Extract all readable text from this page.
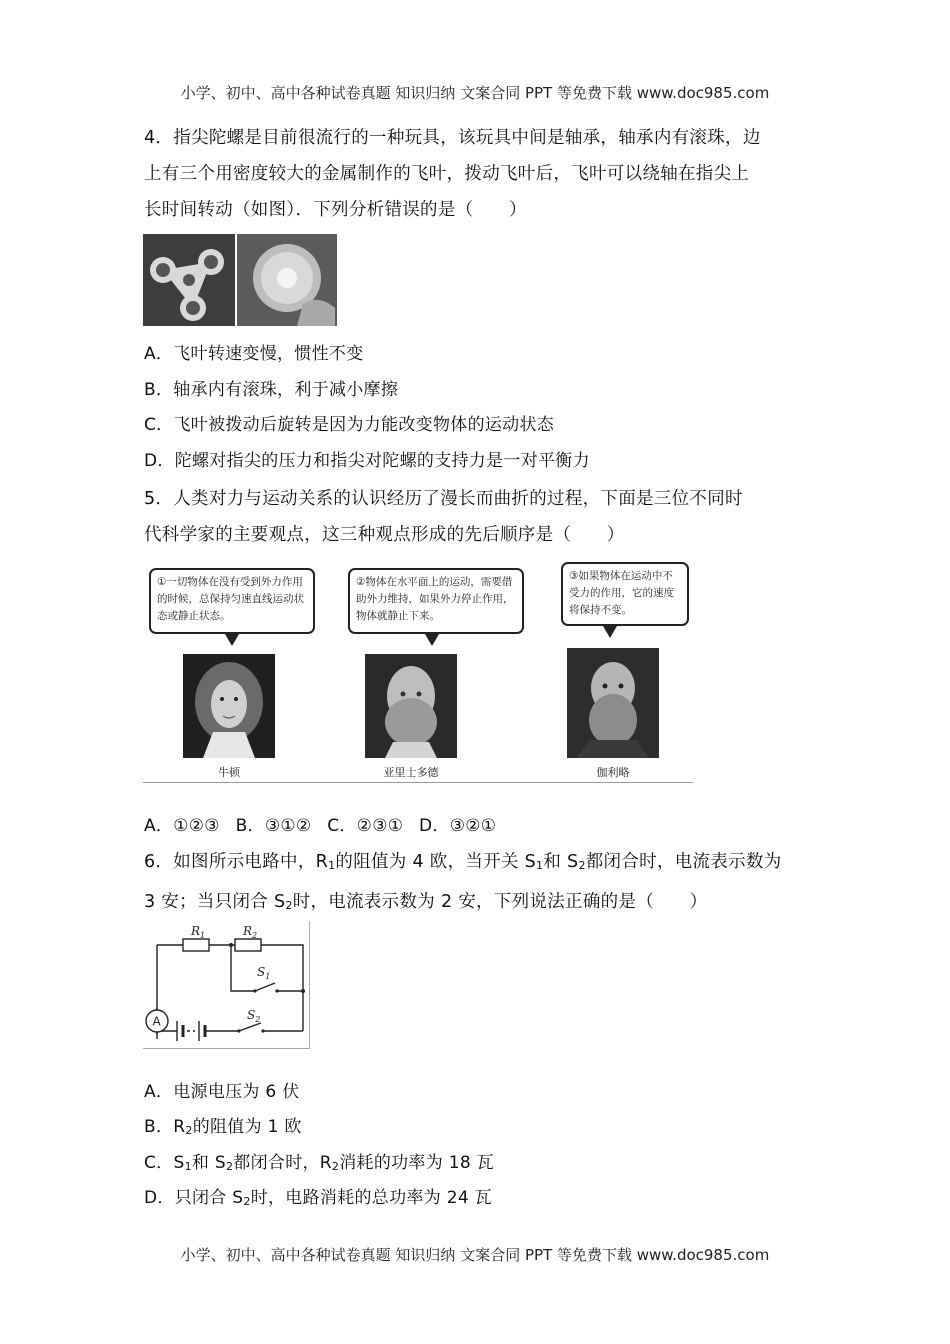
小学、初中、高中各种试卷真题 知识归纳 文案合同 PPT 等免费下载 www.doc985.com
4．指尖陀螺是目前很流行的一种玩具，该玩具中间是轴承，轴承内有滚珠，边
上有三个用密度较大的金属制作的飞叶，拨动飞叶后，飞叶可以绕轴在指尖上
长时间转动（如图）．下列分析错误的是（　　）
A．飞叶转速变慢，惯性不变
B．轴承内有滚珠，利于减小摩擦
C．飞叶被拨动后旋转是因为力能改变物体的运动状态
D．陀螺对指尖的压力和指尖对陀螺的支持力是一对平衡力
5．人类对力与运动关系的认识经历了漫长而曲折的过程，下面是三位不同时
代科学家的主要观点，这三种观点形成的先后顺序是（　　）
①一切物体在没有受到外力作用的时候，总保持匀速直线运动状态或静止状态。
②物体在水平面上的运动，需要借助外力维持，如果外力停止作用，物体就静止下来。
③如果物体在运动中不受力的作用，它的速度将保持不变。
牛顿	亚里士多德	伽利略
A．①②③ B．③①② C．②③① D．③②①
6．如图所示电路中，$R_1$的阻值为 4 欧，当开关 $S_1$和 $S_2$都闭合时，电流表示数为
3 安；当只闭合 $S_2$时，电流表示数为 2 安，下列说法正确的是（　　）
$R_1$	$R_2$
$S_1$
$S_2$
A
A．电源电压为 6 伏
B．$R_2$的阻值为 1 欧
C．$S_1$和 $S_2$都闭合时，$R_2$消耗的功率为 18 瓦
D．只闭合 $S_2$时，电路消耗的总功率为 24 瓦
小学、初中、高中各种试卷真题 知识归纳 文案合同 PPT 等免费下载 www.doc985.com
